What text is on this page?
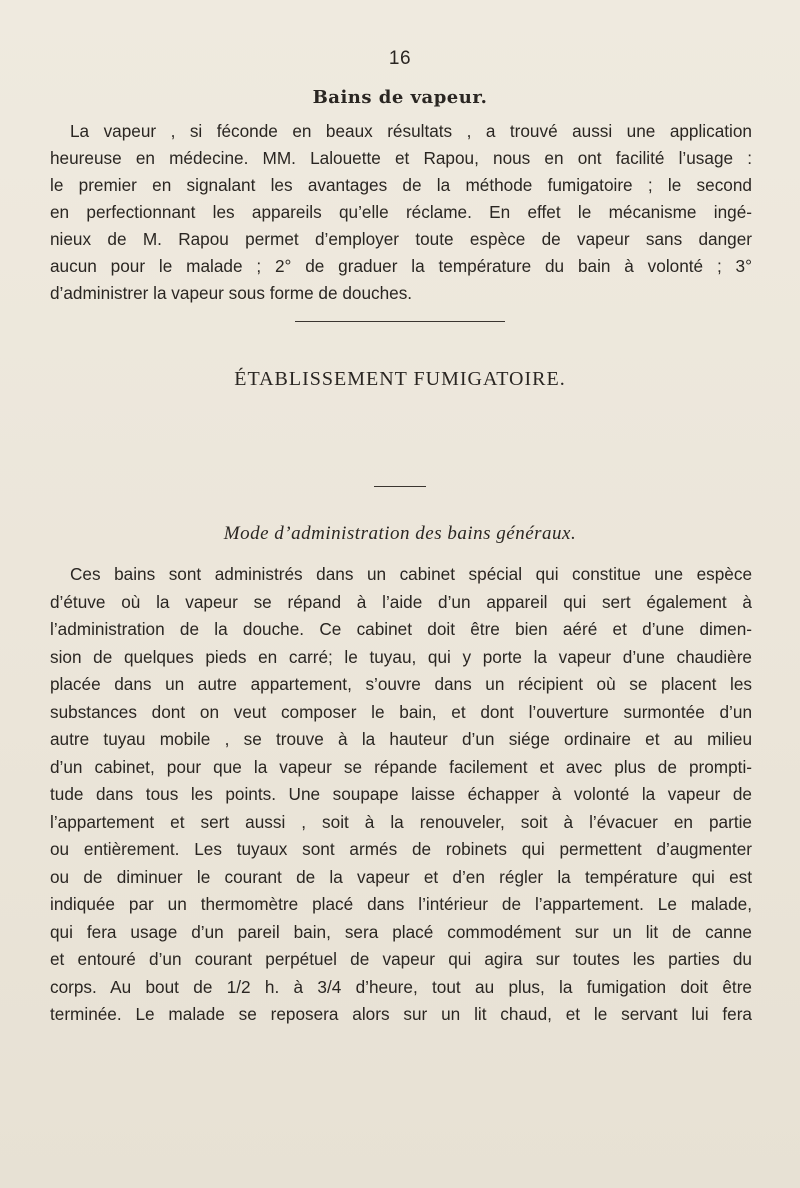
16
Bains de vapeur.
La vapeur , si féconde en beaux résultats , a trouvé aussi une application
heureuse en médecine. MM. Lalouette et Rapou, nous en ont facilité l’usage :
le premier en signalant les avantages de la méthode fumigatoire ; le second
en perfectionnant les appareils qu’elle réclame. En effet le mécanisme ingé-
nieux de M. Rapou permet d’employer toute espèce de vapeur sans danger
aucun pour le malade ; 2° de graduer la température du bain à volonté ; 3°
d’administrer la vapeur sous forme de douches.
ÉTABLISSEMENT FUMIGATOIRE.
Mode d’administration des bains généraux.
Ces bains sont administrés dans un cabinet spécial qui constitue une espèce
d’étuve où la vapeur se répand à l’aide d’un appareil qui sert également à
l’administration de la douche. Ce cabinet doit être bien aéré et d’une dimen-
sion de quelques pieds en carré; le tuyau, qui y porte la vapeur d’une chaudière
placée dans un autre appartement, s’ouvre dans un récipient où se placent les
substances dont on veut composer le bain, et dont l’ouverture surmontée d’un
autre tuyau mobile , se trouve à la hauteur d’un siége ordinaire et au milieu
d’un cabinet, pour que la vapeur se répande facilement et avec plus de prompti-
tude dans tous les points. Une soupape laisse échapper à volonté la vapeur de
l’appartement et sert aussi , soit à la renouveler, soit à l’évacuer en partie
ou entièrement. Les tuyaux sont armés de robinets qui permettent d’augmenter
ou de diminuer le courant de la vapeur et d’en régler la température qui est
indiquée par un thermomètre placé dans l’intérieur de l’appartement. Le malade,
qui fera usage d’un pareil bain, sera placé commodément sur un lit de canne
et entouré d’un courant perpétuel de vapeur qui agira sur toutes les parties du
corps. Au bout de 1/2 h. à 3/4 d’heure, tout au plus, la fumigation doit être
terminée. Le malade se reposera alors sur un lit chaud, et le servant lui fera
